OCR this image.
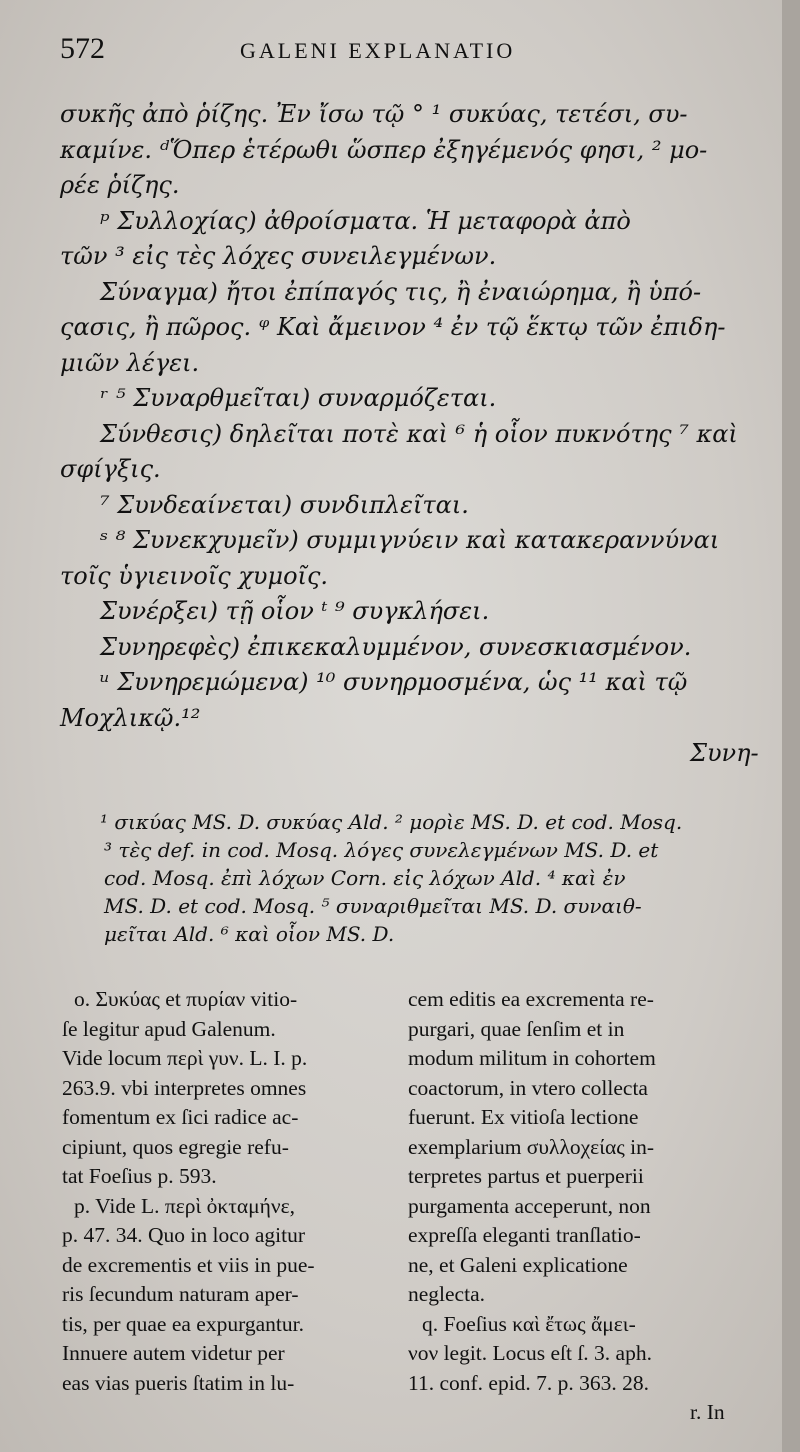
572	GALENI EXPLANATIO
συκῆς ἀπὸ ῥίζης. Ἐν ἴσω τῷ ° ¹ συκύας, τετέσι, συ-
καμίνε. ᵈὍπερ ἑτέρωθι ὥσπερ ἐξηγέμενός φησι, ² μο-
ρέε ῥίζης.
ᵖ Συλλοχίας) ἀθροίσματα. Ἡ μεταφορὰ ἀπὸ
τῶν ³ εἰς τὲς λόχες συνειλεγμένων.
Σύναγμα) ἤτοι ἐπίπαγός τις, ἢ ἐναιώρημα, ἢ ὑπό-
ςασις, ἢ πῶρος. ᵠ Καὶ ἄμεινον ⁴ ἐν τῷ ἕκτῳ τῶν ἐπιδη-
μιῶν λέγει.
ʳ ⁵ Συναρθμεῖται) συναρμόζεται.
Σύνθεσις) δηλεῖται ποτὲ καὶ ⁶ ἡ οἷον πυκνότης ⁷ καὶ
σφίγξις.
⁷ Συνδεαίνεται) συνδιπλεῖται.
ˢ ⁸ Συνεκχυμεῖν) συμμιγνύειν καὶ κατακεραννύναι
τοῖς ὑγιεινοῖς χυμοῖς.
Συνέρξει) τῇ οἷον ᵗ ⁹ συγκλήσει.
Συνηρεφὲς) ἐπικεκαλυμμένον, συνεσκιασμένον.
ᵘ Συνηρεμώμενα) ¹⁰ συνηρμοσμένα, ὡς ¹¹ καὶ τῷ
Μοχλικῷ.¹²
Συνη-
¹ σικύας MS. D. συκύας Ald. ² μορὶε MS. D. et cod. Mosq.
³ τὲς def. in cod. Mosq. λόγες συνελεγμένων MS. D. et
cod. Mosq. ἐπὶ λόχων Corn. εἰς λόχων Ald. ⁴ καὶ ἐν
MS. D. et cod. Mosq. ⁵ συναριθμεῖται MS. D. συναιθ-
μεῖται Ald. ⁶ καὶ οἷον MS. D.
o. Συκύας et πυρίαν vitio-
ſe legitur apud Galenum.
Vide locum περὶ γυν. L. I. p.
263.9. vbi interpretes omnes
fomentum ex ſici radice ac-
cipiunt, quos egregie refu-
tat Foeſius p. 593.
p. Vide L. περὶ ὀκταμήνε,
p. 47. 34. Quo in loco agitur
de excrementis et viis in pue-
ris ſecundum naturam aper-
tis, per quae ea expurgantur.
Innuere autem videtur per
eas vias pueris ſtatim in lu-
cem editis ea excrementa re-
purgari, quae ſenſim et in
modum militum in cohortem
coactorum, in vtero collecta
fuerunt. Ex vitioſa lectione
exemplarium συλλοχείας in-
terpretes partus et puerperii
purgamenta acceperunt, non
expreſſa eleganti tranſlatio-
ne, et Galeni explicatione
neglecta.
q. Foeſius καὶ ἔτως ἄμει-
νον legit. Locus eſt ſ. 3. aph.
11. conf. epid. 7. p. 363. 28.
r. In
